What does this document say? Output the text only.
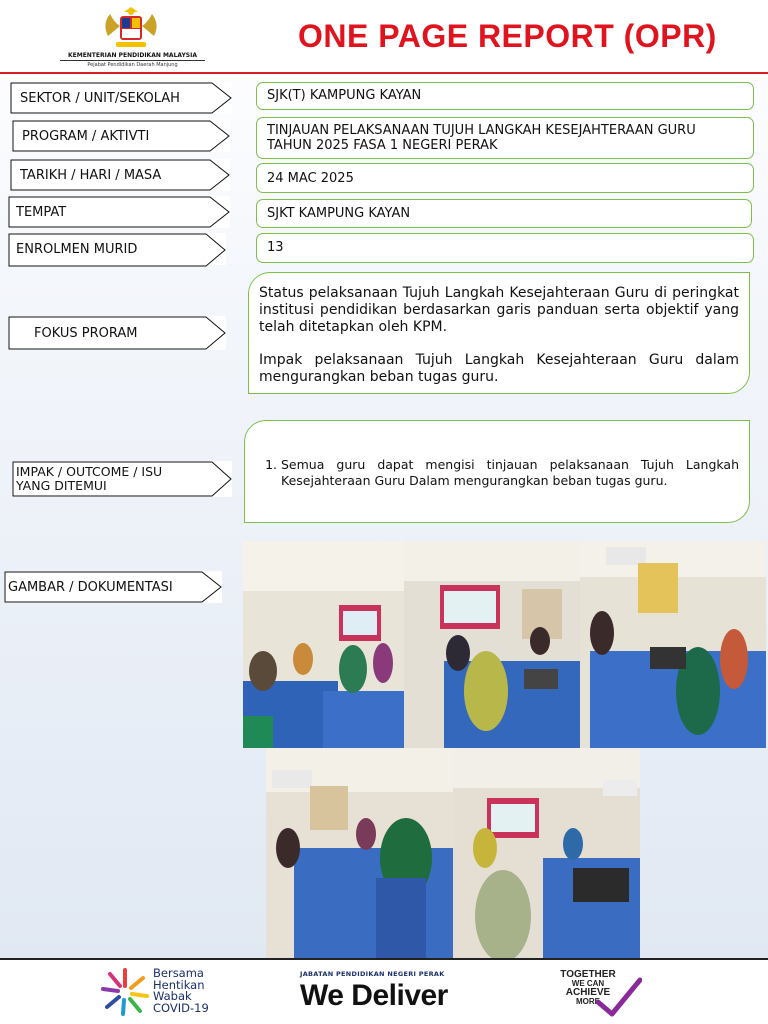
KEMENTERIAN PENDIDIKAN MALAYSIA
Pejabat Pendidikan Daerah Manjung
ONE PAGE REPORT (OPR)
SEKTOR / UNIT/SEKOLAH
PROGRAM / AKTIVTI
TARIKH / HARI / MASA
TEMPAT
ENROLMEN MURID
FOKUS PRORAM
IMPAK / OUTCOME / ISU YANG DITEMUI
GAMBAR / DOKUMENTASI
SJK(T) KAMPUNG KAYAN
TINJAUAN PELAKSANAAN TUJUH LANGKAH KESEJAHTERAAN GURU TAHUN 2025 FASA 1 NEGERI PERAK
24 MAC 2025
SJKT KAMPUNG KAYAN
13

Status pelaksanaan Tujuh Langkah Kesejahteraan Guru di peringkat institusi pendidikan berdasarkan garis panduan serta objektif yang telah ditetapkan oleh KPM.

Impak pelaksanaan Tujuh Langkah Kesejahteraan Guru dalam mengurangkan beban tugas guru.

1. Semua guru dapat mengisi tinjauan pelaksanaan Tujuh Langkah Kesejahteraan Guru Dalam mengurangkan beban tugas guru.
Bersama
Hentikan
Wabak
COVID-19
JABATAN PENDIDIKAN NEGERI PERAK
We Deliver
TOGETHER
WE CAN
ACHIEVE
MORE
